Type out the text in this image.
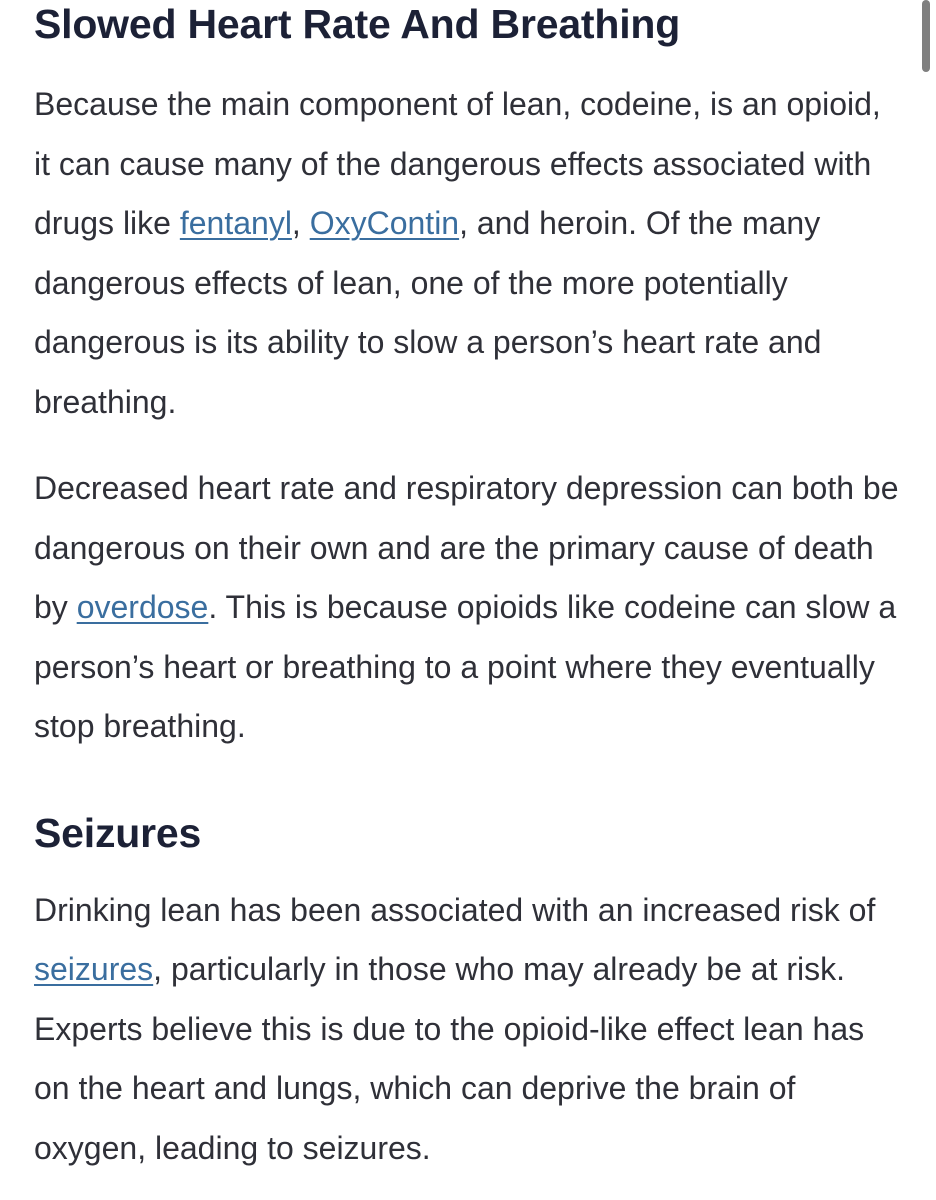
Slowed Heart Rate And Breathing

Because the main component of lean, codeine, is an opioid, it can cause many of the dangerous effects associated with drugs like fentanyl, OxyContin, and heroin. Of the many dangerous effects of lean, one of the more potentially dangerous is its ability to slow a person’s heart rate and breathing.

Decreased heart rate and respiratory depression can both be dangerous on their own and are the primary cause of death by overdose. This is because opioids like codeine can slow a person’s heart or breathing to a point where they eventually stop breathing.

Seizures

Drinking lean has been associated with an increased risk of seizures, particularly in those who may already be at risk. Experts believe this is due to the opioid-like effect lean has on the heart and lungs, which can deprive the brain of oxygen, leading to seizures.
